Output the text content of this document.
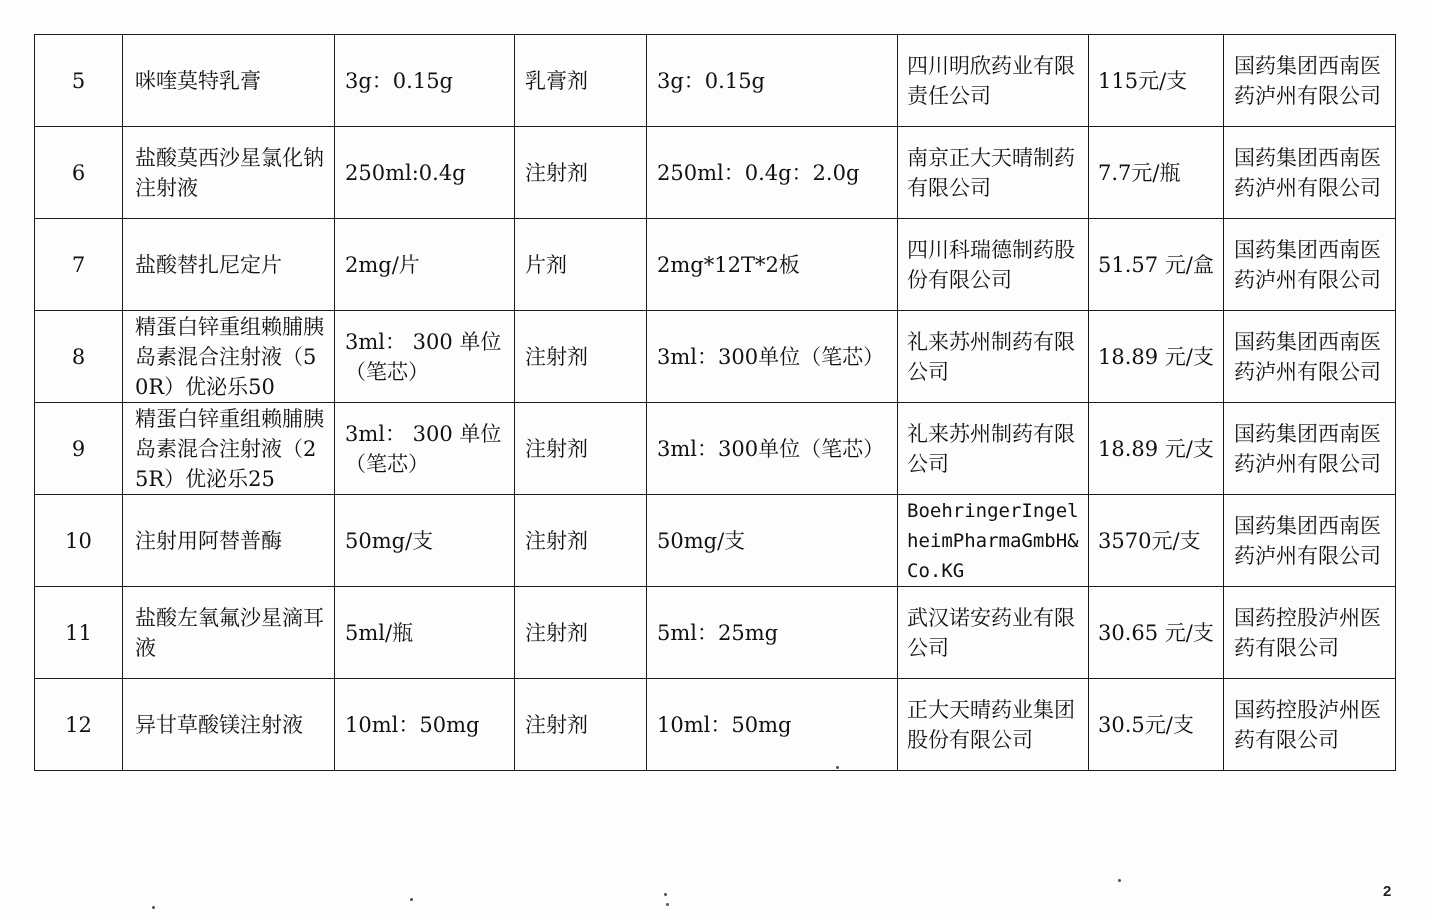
5	咪喹莫特乳膏	3g：0.15g	乳膏剂	3g：0.15g	四川明欣药业有限责任公司	115元/支	国药集团西南医药泸州有限公司
6	盐酸莫西沙星氯化钠注射液	250ml:0.4g	注射剂	250ml：0.4g：2.0g	南京正大天晴制药有限公司	7.7元/瓶	国药集团西南医药泸州有限公司
7	盐酸替扎尼定片	2mg/片	片剂	2mg*12T*2板	四川科瑞德制药股份有限公司	51.57 元/盒	国药集团西南医药泸州有限公司
8	精蛋白锌重组赖脯胰岛素混合注射液（50R）优泌乐50	3ml： 300 单位（笔芯）	注射剂	3ml：300单位（笔芯）	礼来苏州制药有限公司	18.89 元/支	国药集团西南医药泸州有限公司
9	精蛋白锌重组赖脯胰岛素混合注射液（25R）优泌乐25	3ml： 300 单位（笔芯）	注射剂	3ml：300单位（笔芯）	礼来苏州制药有限公司	18.89 元/支	国药集团西南医药泸州有限公司
10	注射用阿替普酶	50mg/支	注射剂	50mg/支	BoehringerIngelheimPharmaGmbH&Co.KG	3570元/支	国药集团西南医药泸州有限公司
11	盐酸左氧氟沙星滴耳液	5ml/瓶	注射剂	5ml：25mg	武汉诺安药业有限公司	30.65 元/支	国药控股泸州医药有限公司
12	异甘草酸镁注射液	10ml：50mg	注射剂	10ml：50mg	正大天晴药业集团股份有限公司	30.5元/支	国药控股泸州医药有限公司
2
